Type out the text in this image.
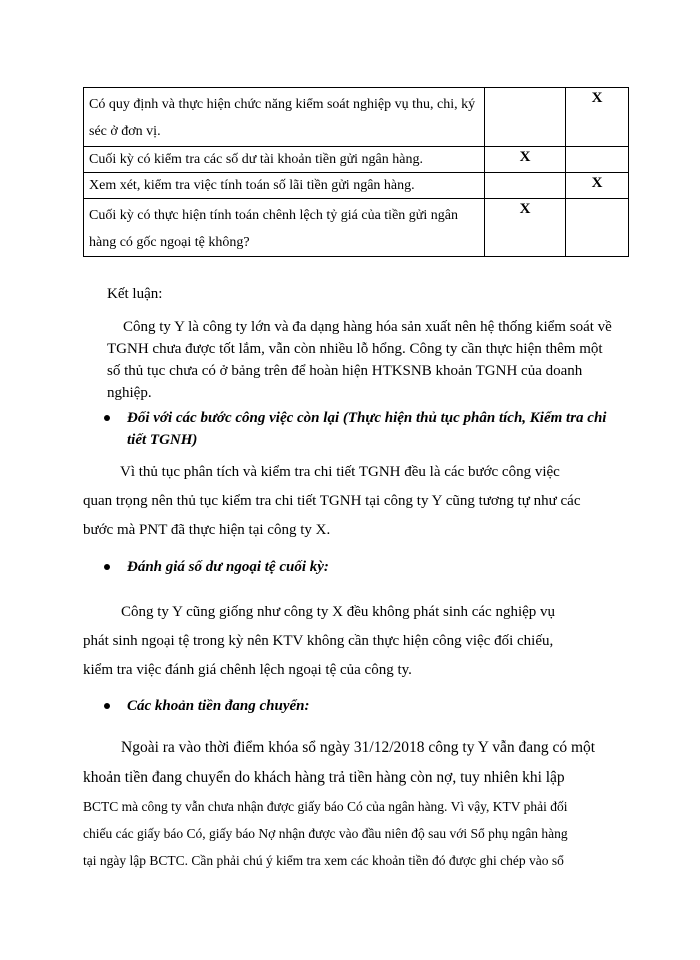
Có quy định và thực hiện chức năng kiểm soát nghiệp vụ thu, chi, ký séc ở đơn vị.		X
Cuối kỳ có kiểm tra các số dư tài khoản tiền gửi ngân hàng.	X	
Xem xét, kiểm tra việc tính toán số lãi tiền gửi ngân hàng.		X
Cuối kỳ có thực hiện tính toán chênh lệch tỷ giá của tiền gửi ngân hàng có gốc ngoại tệ không?	X	
Kết luận:
Công ty Y là công ty lớn và đa dạng hàng hóa sản xuất nên hệ thống kiểm soát về TGNH chưa được tốt lắm, vẫn còn nhiều lỗ hổng. Công ty cần thực hiện thêm một số thủ tục chưa có ở bảng trên để hoàn hiện HTKSNB khoản TGNH của doanh nghiệp.
Đối với các bước công việc còn lại (Thực hiện thủ tục phân tích, Kiểm tra chi tiết TGNH)
Vì thủ tục phân tích và kiểm tra chi tiết TGNH đều là các bước công việc
quan trọng nên thủ tục kiểm tra chi tiết TGNH tại công ty Y cũng tương tự như các
bước mà PNT đã thực hiện tại công ty X.
Đánh giá số dư ngoại tệ cuối kỳ:
Công ty Y cũng giống như công ty X đều không phát sinh các nghiệp vụ
phát sinh ngoại tệ trong kỳ nên KTV không cần thực hiện công việc đối chiếu,
kiểm tra việc đánh giá chênh lệch ngoại tệ của công ty.
Các khoản tiền đang chuyển:
Ngoài ra vào thời điểm khóa sổ ngày 31/12/2018 công ty Y vẫn đang có một
khoản tiền đang chuyển do khách hàng trả tiền hàng còn nợ, tuy nhiên khi lập
BCTC mà công ty vẫn chưa nhận được giấy báo Có của ngân hàng. Vì vậy, KTV phải đối
chiếu các giấy báo Có, giấy báo Nợ nhận được vào đầu niên độ sau với Sổ phụ ngân hàng
tại ngày lập BCTC. Cần phải chú ý kiểm tra xem các khoản tiền đó được ghi chép vào sổ
